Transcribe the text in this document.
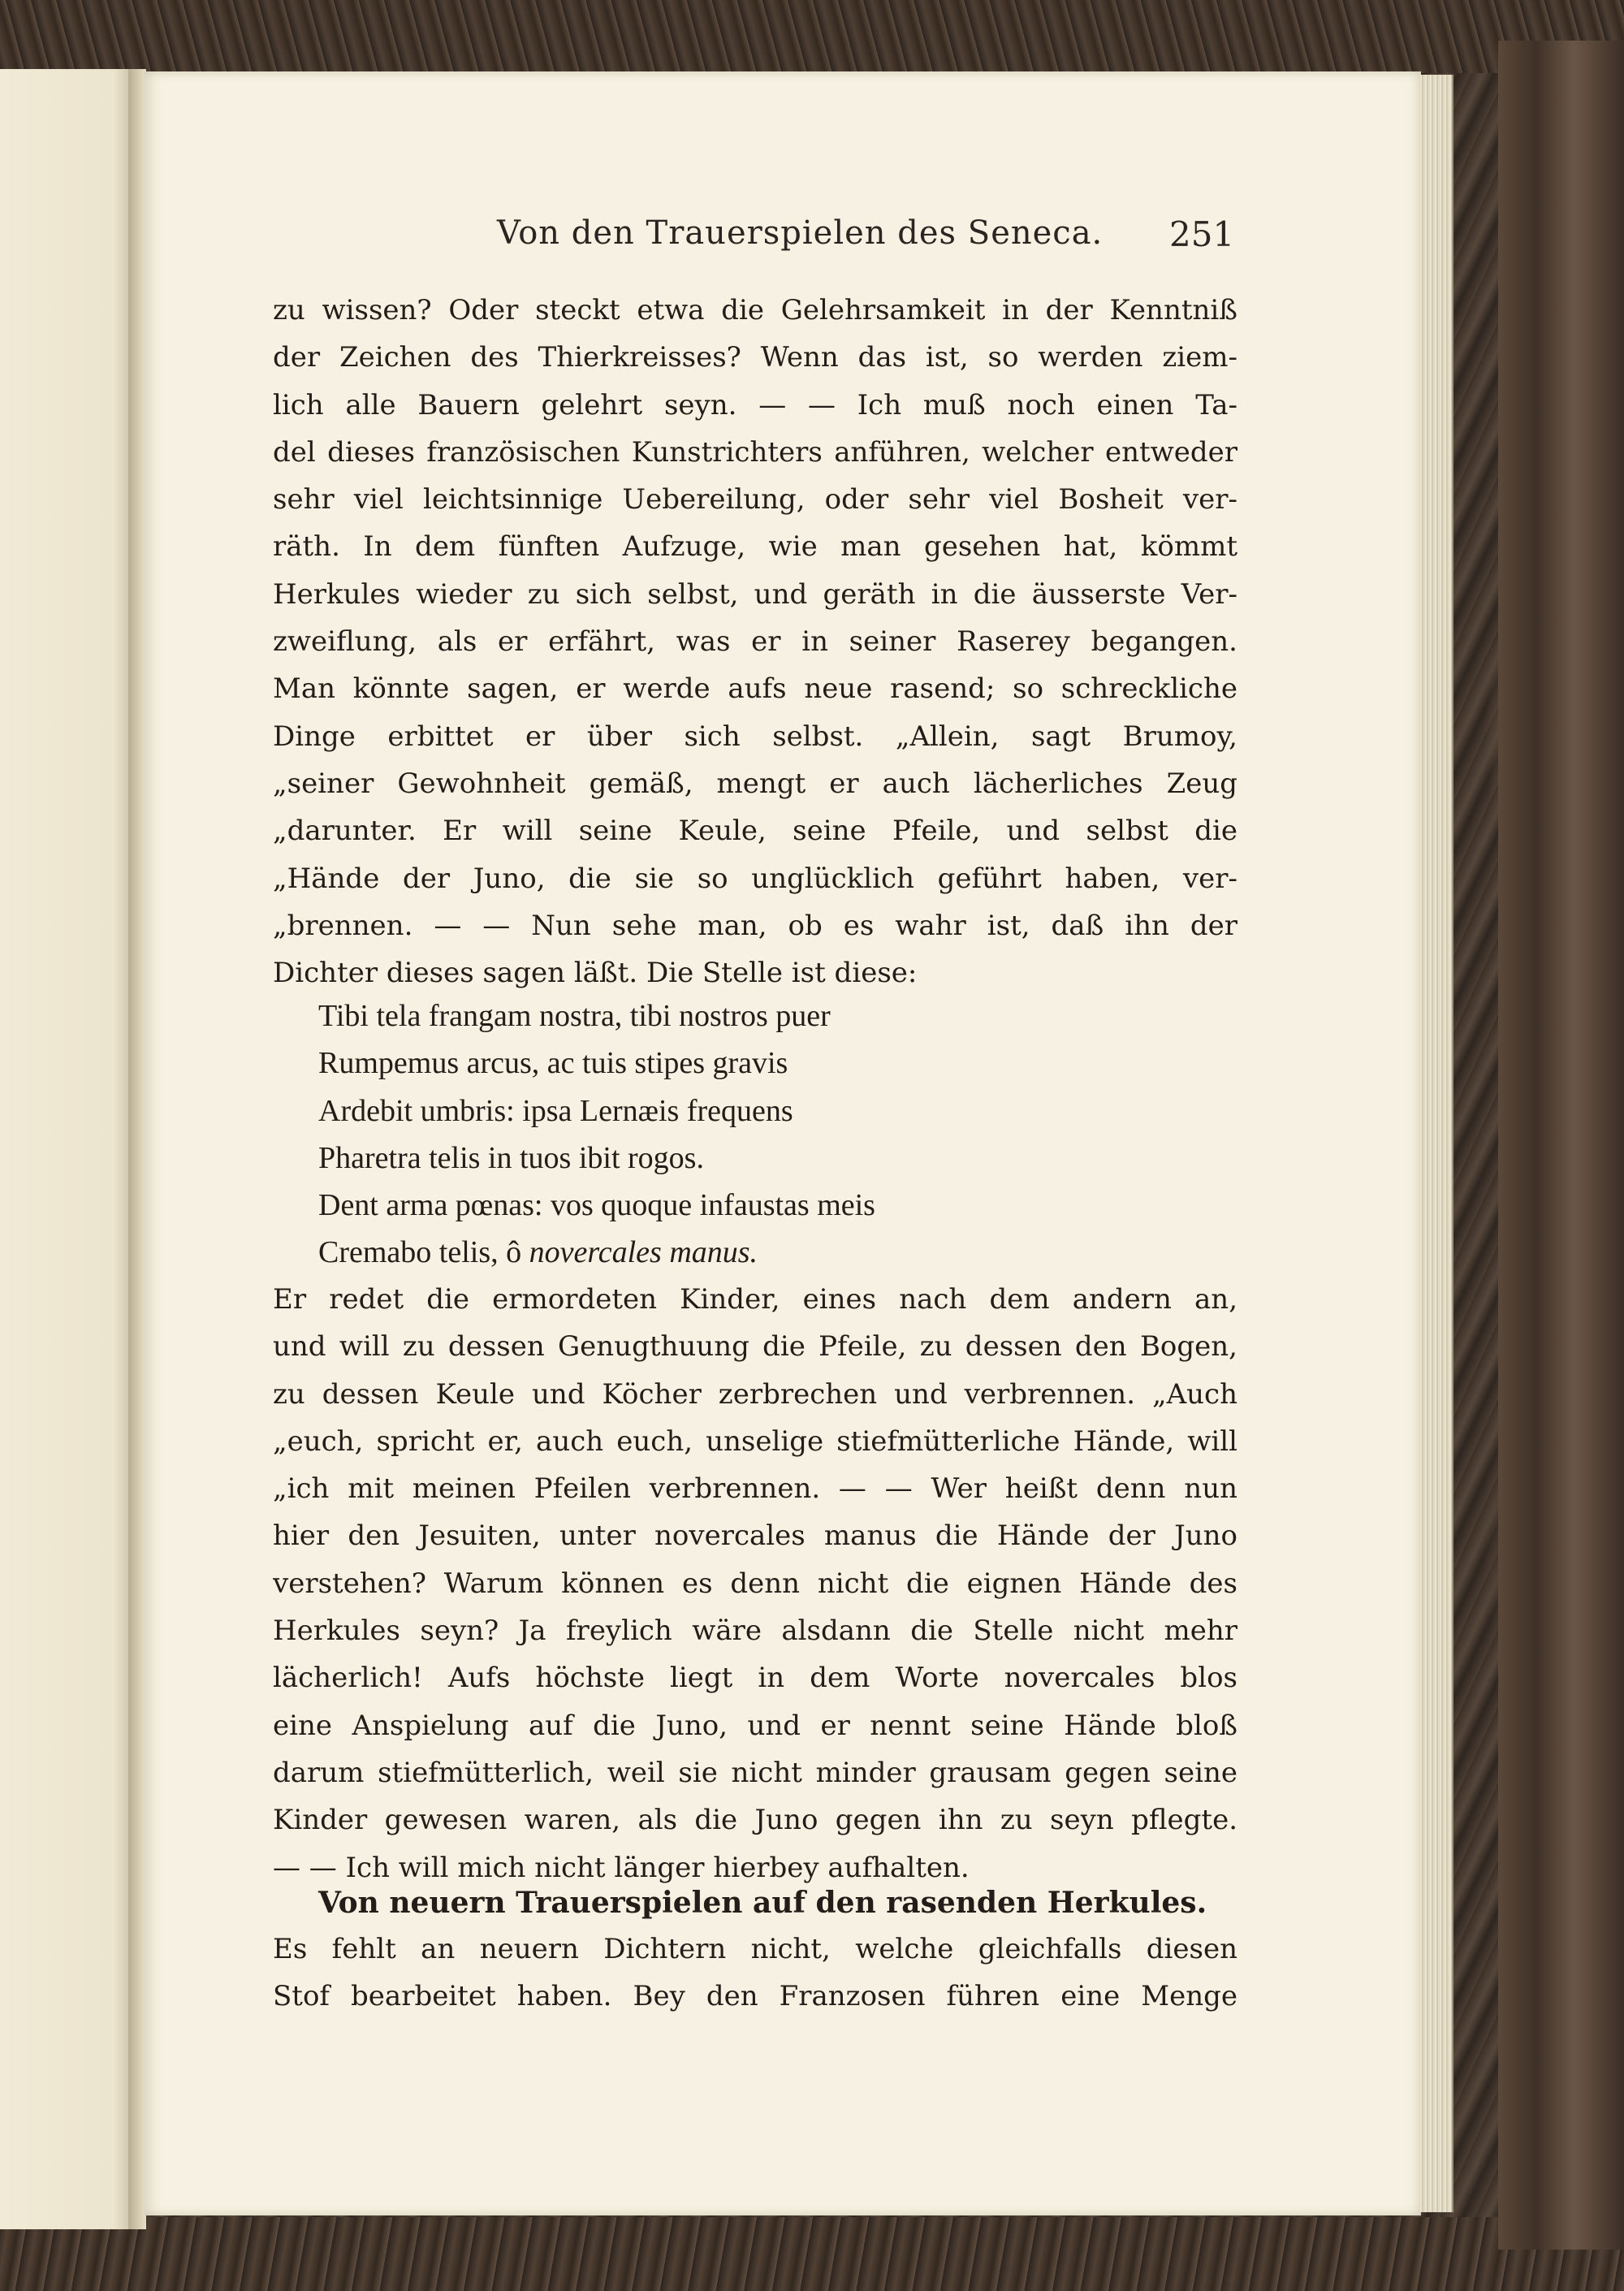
Von den Trauerspielen des Seneca.	251
zu wissen? Oder steckt etwa die Gelehrsamkeit in der Kenntniß
der Zeichen des Thierkreisses? Wenn das ist, so werden ziem-
lich alle Bauern gelehrt seyn. — — Ich muß noch einen Ta-
del dieses französischen Kunstrichters anführen, welcher entweder
sehr viel leichtsinnige Uebereilung, oder sehr viel Bosheit ver-
räth. In dem fünften Aufzuge, wie man gesehen hat, kömmt
Herkules wieder zu sich selbst, und geräth in die äusserste Ver-
zweiflung, als er erfährt, was er in seiner Raserey begangen.
Man könnte sagen, er werde aufs neue rasend; so schreckliche
Dinge erbittet er über sich selbst. „Allein, sagt Brumoy,
„seiner Gewohnheit gemäß, mengt er auch lächerliches Zeug
„darunter. Er will seine Keule, seine Pfeile, und selbst die
„Hände der Juno, die sie so unglücklich geführt haben, ver-
„brennen. — — Nun sehe man, ob es wahr ist, daß ihn der
Dichter dieses sagen läßt. Die Stelle ist diese:
Tibi tela frangam nostra, tibi nostros puer
Rumpemus arcus, ac tuis stipes gravis
Ardebit umbris: ipsa Lernæis frequens
Pharetra telis in tuos ibit rogos.
Dent arma pœnas: vos quoque infaustas meis
Cremabo telis, ô novercales manus.
Er redet die ermordeten Kinder, eines nach dem andern an,
und will zu dessen Genugthuung die Pfeile, zu dessen den Bogen,
zu dessen Keule und Köcher zerbrechen und verbrennen. „Auch
„euch, spricht er, auch euch, unselige stiefmütterliche Hände, will
„ich mit meinen Pfeilen verbrennen. — — Wer heißt denn nun
hier den Jesuiten, unter novercales manus die Hände der Juno
verstehen? Warum können es denn nicht die eignen Hände des
Herkules seyn? Ja freylich wäre alsdann die Stelle nicht mehr
lächerlich! Aufs höchste liegt in dem Worte novercales blos
eine Anspielung auf die Juno, und er nennt seine Hände bloß
darum stiefmütterlich, weil sie nicht minder grausam gegen seine
Kinder gewesen waren, als die Juno gegen ihn zu seyn pflegte.
— — Ich will mich nicht länger hierbey aufhalten.
Von neuern Trauerspielen auf den rasenden Herkules.
Es fehlt an neuern Dichtern nicht, welche gleichfalls diesen
Stof bearbeitet haben. Bey den Franzosen führen eine Menge
